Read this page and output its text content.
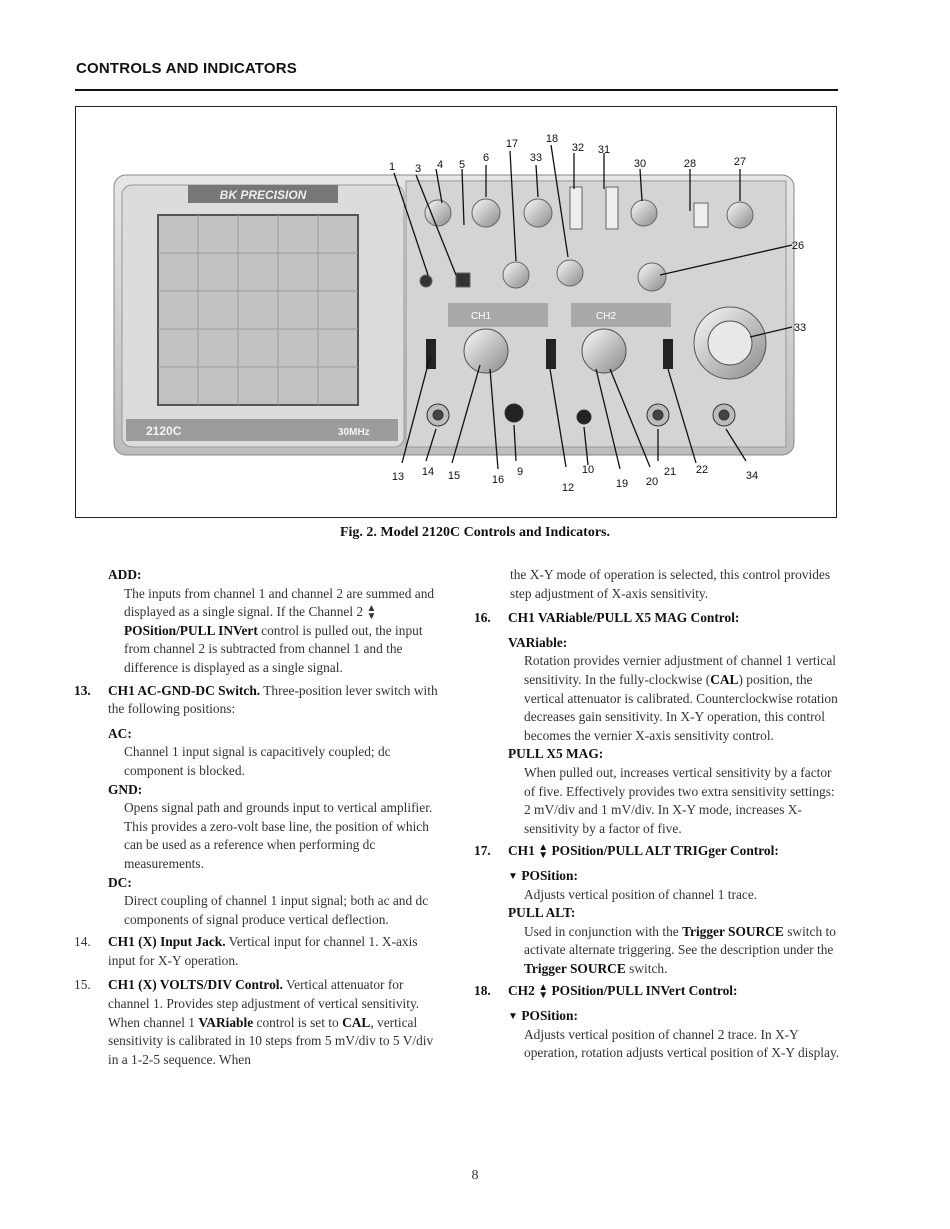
CONTROLS AND INDICATORS
BK PRECISION
2120C	30MHz
CH1	CH2
1 3 4 5
6
17	18
33
32 31
30	28	27
26
33
13 14 15	16
9	10
12	19 20
21 22	34
Fig. 2. Model 2120C Controls and Indicators.
ADD:
The inputs from channel 1 and channel 2 are summed and displayed as a single signal. If the Channel 2 ▲
▼ POSition/PULL INVert control is pulled out, the input from channel 2 is subtracted from channel 1 and the difference is displayed as a single signal.
13. CH1 AC-GND-DC Switch. Three-position lever switch with the following positions:
AC:
Channel 1 input signal is capacitively coupled; dc component is blocked.
GND:
Opens signal path and grounds input to vertical amplifier. This provides a zero-volt base line, the position of which can be used as a reference when performing dc measurements.
DC:
Direct coupling of channel 1 input signal; both ac and dc components of signal produce vertical deflection.
14. CH1 (X) Input Jack. Vertical input for channel 1. X-axis input for X-Y operation.
15. CH1 (X) VOLTS/DIV Control. Vertical attenuator for channel 1. Provides step adjustment of vertical sensitivity. When channel 1 VARiable control is set to CAL, vertical sensitivity is calibrated in 10 steps from 5 mV/div to 5 V/div in a 1-2-5 sequence. When
the X-Y mode of operation is selected, this control provides step adjustment of X-axis sensitivity.
16. CH1 VARiable/PULL X5 MAG Control:
VARiable:
Rotation provides vernier adjustment of channel 1 vertical sensitivity. In the fully-clockwise (CAL) position, the vertical attenuator is calibrated. Counterclockwise rotation decreases gain sensitivity. In X-Y operation, this control becomes the vernier X-axis sensitivity control.
PULL X5 MAG:
When pulled out, increases vertical sensitivity by a factor of five. Effectively provides two extra sensitivity settings: 2 mV/div and 1 mV/div. In X-Y mode, increases X-sensitivity by a factor of five.
17. CH1 ▲
▼ POSition/PULL ALT TRIGger Control:
▼ POSition:
Adjusts vertical position of channel 1 trace.
PULL ALT:
Used in conjunction with the Trigger SOURCE switch to activate alternate triggering. See the description under the Trigger SOURCE switch.
18. CH2 ▲
▼ POSition/PULL INVert Control:
▼ POSition:
Adjusts vertical position of channel 2 trace. In X-Y operation, rotation adjusts vertical position of X-Y display.
8
